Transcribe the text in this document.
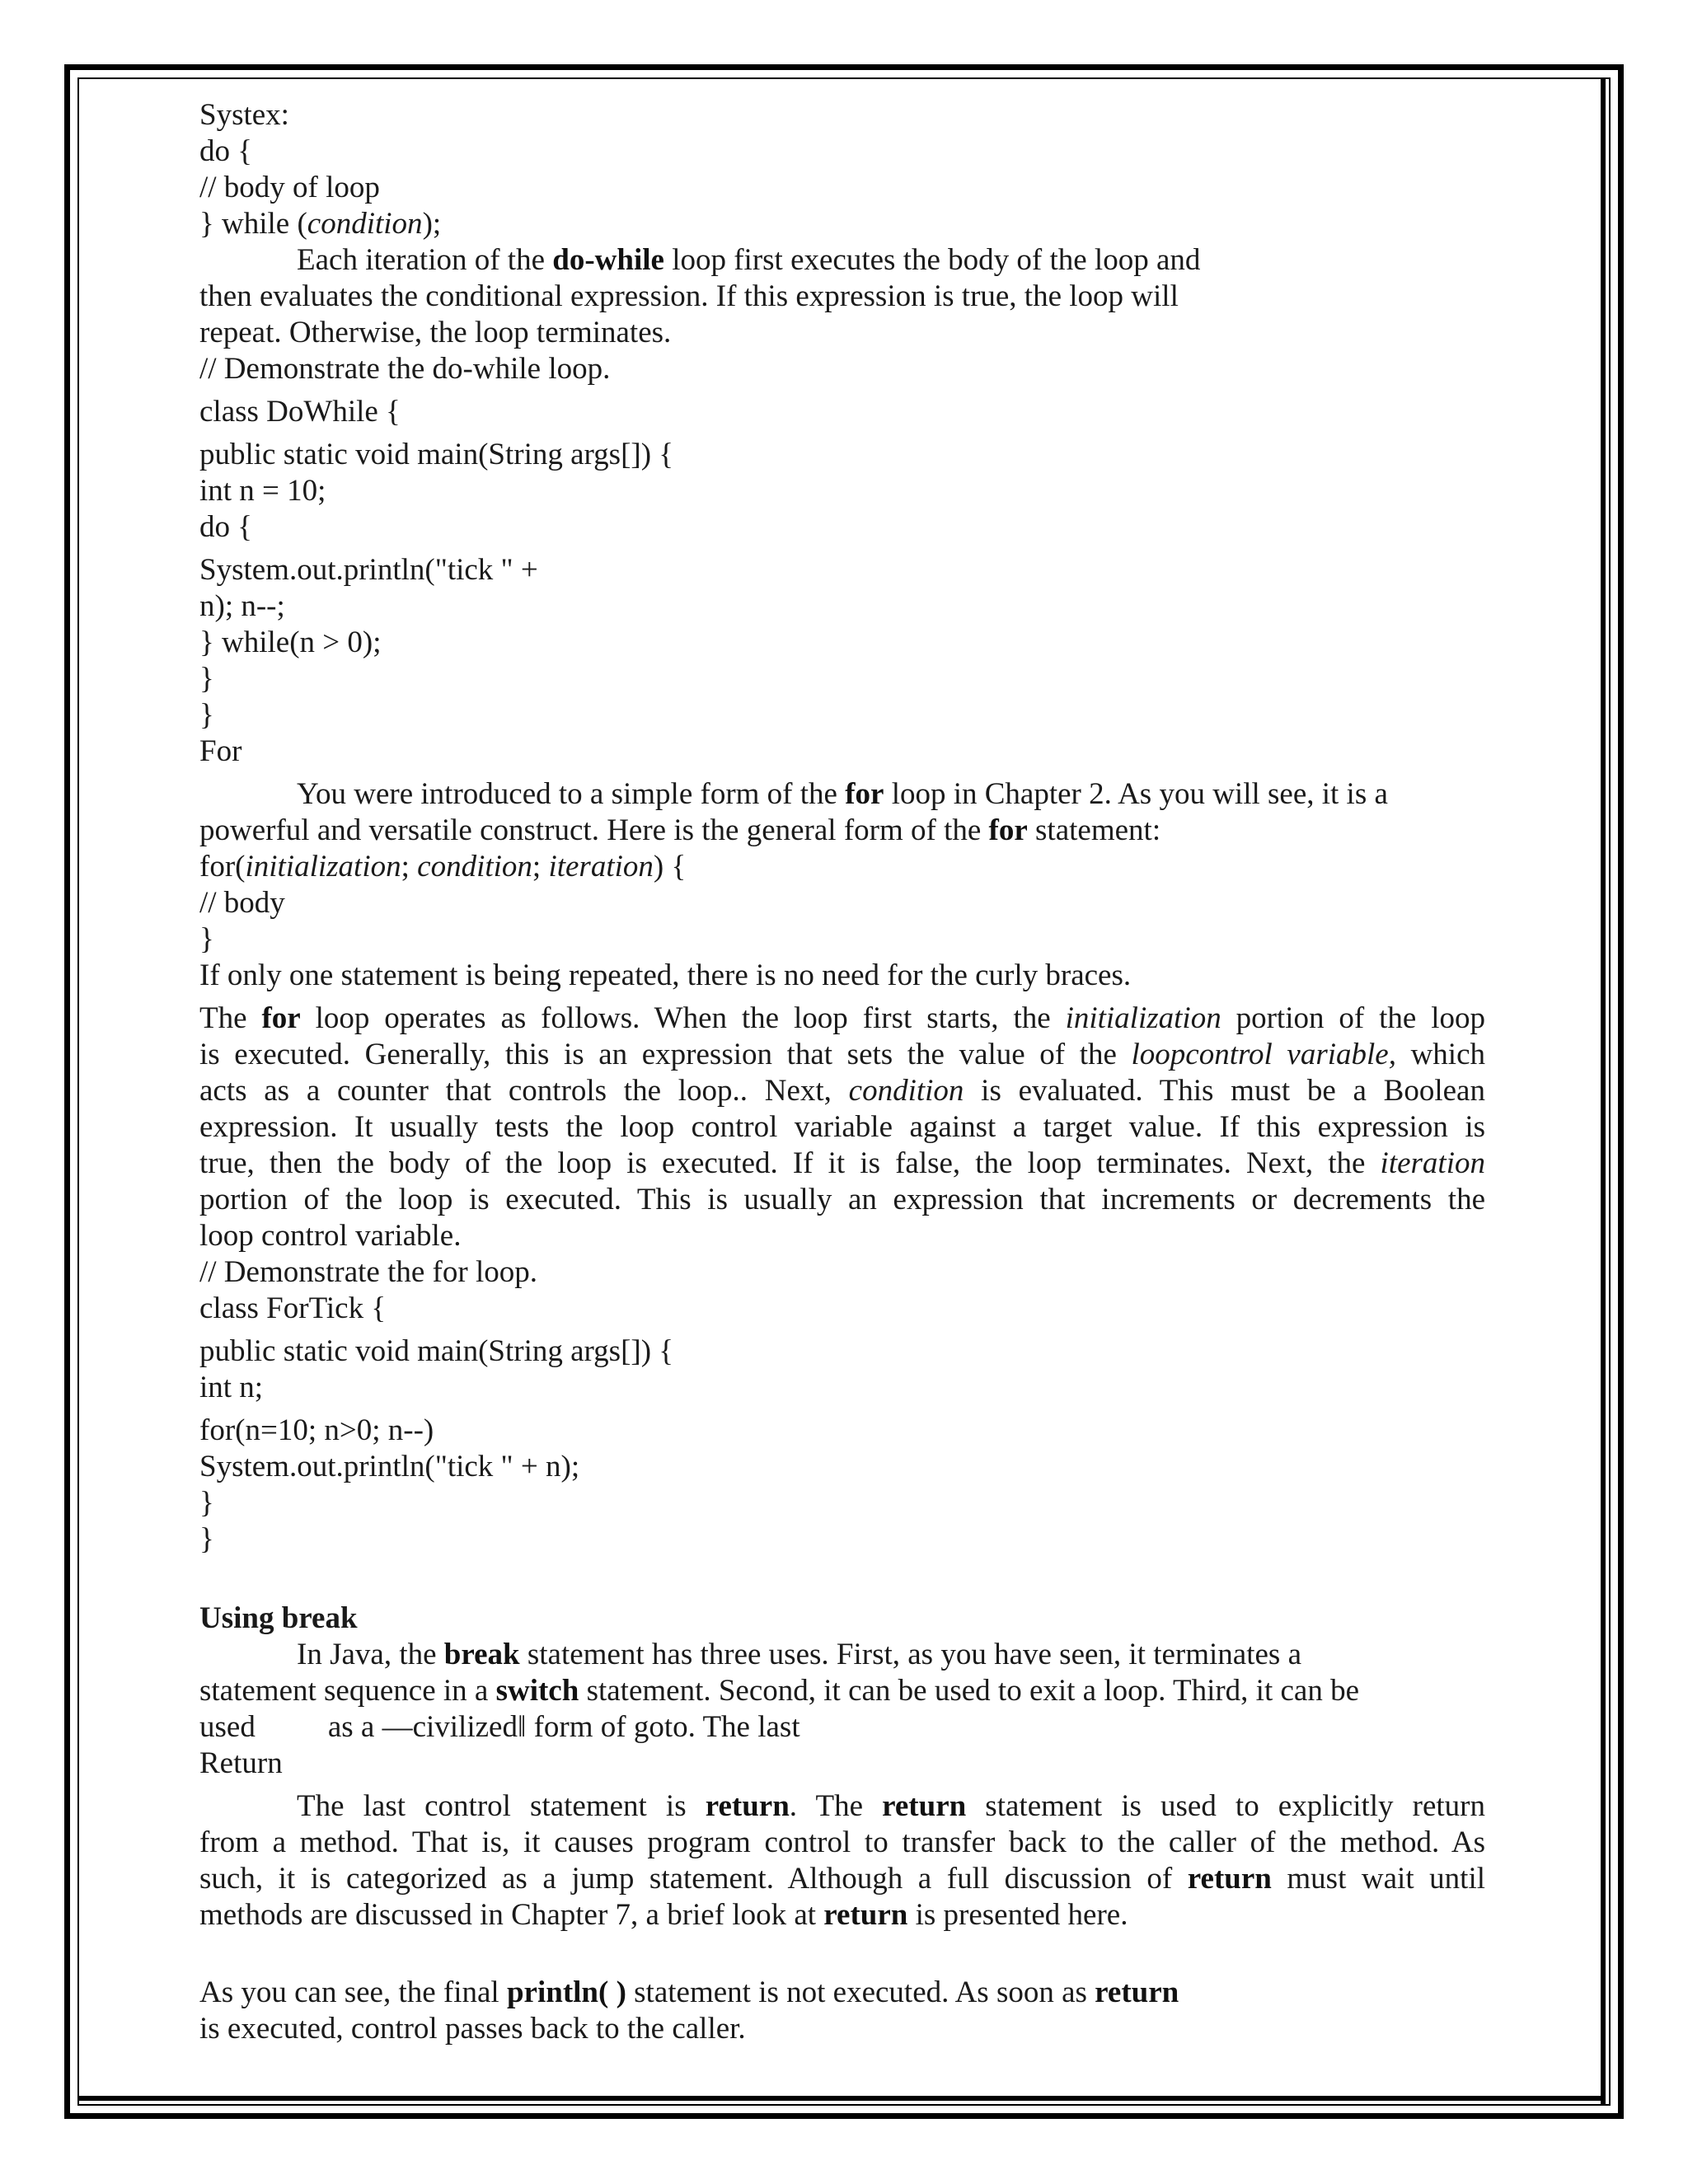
Systex:
do {
// body of loop
} while (condition);
Each iteration of the do-while loop first executes the body of the loop and
then evaluates the conditional expression. If this expression is true, the loop will
repeat. Otherwise, the loop terminates.
// Demonstrate the do-while loop.
class DoWhile {
public static void main(String args[]) {
int n = 10;
do {
System.out.println("tick " +
n); n--;
} while(n > 0);
}
}
For
You were introduced to a simple form of the for loop in Chapter 2. As you will see, it is a
powerful and versatile construct. Here is the general form of the for statement:
for(initialization; condition; iteration) {
// body
}
If only one statement is being repeated, there is no need for the curly braces.
The for loop operates as follows. When the loop first starts, the initialization portion of the loop
is executed. Generally, this is an expression that sets the value of the loopcontrol variable, which
acts as a counter that controls the loop.. Next, condition is evaluated. This must be a Boolean
expression. It usually tests the loop control variable against a target value. If this expression is
true, then the body of the loop is executed. If it is false, the loop terminates. Next, the iteration
portion of the loop is executed. This is usually an expression that increments or decrements the
loop control variable.
// Demonstrate the for loop.
class ForTick {
public static void main(String args[]) {
int n;
for(n=10; n>0; n--)
System.out.println("tick " + n);
}
}
Using break
In Java, the break statement has three uses. First, as you have seen, it terminates a
statement sequence in a switch statement. Second, it can be used to exit a loop. Third, it can be
used as a ―civilized‖ form of goto. The last
Return
The last control statement is return. The return statement is used to explicitly return
from a method. That is, it causes program control to transfer back to the caller of the method. As
such, it is categorized as a jump statement. Although a full discussion of return must wait until
methods are discussed in Chapter 7, a brief look at return is presented here.
As you can see, the final println( ) statement is not executed. As soon as return
is executed, control passes back to the caller.
